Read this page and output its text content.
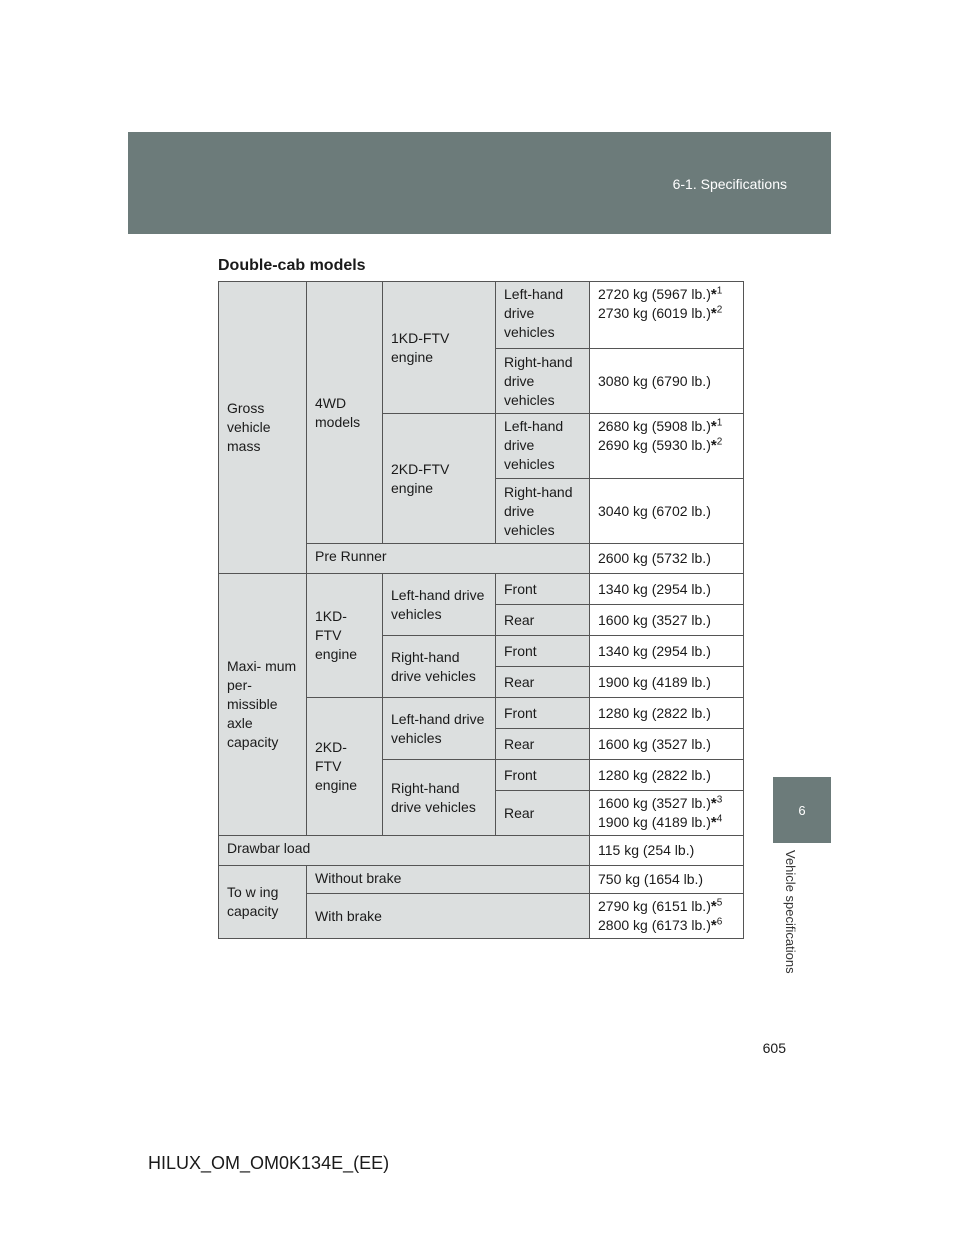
6-1. Specifications
6
Vehicle specifications
Double-cab models
Gross vehicle mass	4WD models	1KD-FTV engine	Left-hand drive vehicles	2720 kg (5967 lb.)*$^1$
2730 kg (6019 lb.)*$^2$

			Right-hand drive vehicles	3080 kg (6790 lb.)
		2KD-FTV engine	Left-hand drive vehicles	2680 kg (5908 lb.)*$^1$
2690 kg (5930 lb.)*$^2$

			Right-hand drive vehicles	3040 kg (6702 lb.)
	Pre Runner			2600 kg (5732 lb.)
Maxi- mum per- missible axle capacity	1KD- FTV engine	Left-hand drive vehicles	Front	1340 kg (2954 lb.)
			Rear	1600 kg (3527 lb.)
		Right-hand drive vehicles	Front	1340 kg (2954 lb.)
			Rear	1900 kg (4189 lb.)
	2KD- FTV engine	Left-hand drive vehicles	Front	1280 kg (2822 lb.)
			Rear	1600 kg (3527 lb.)
		Right-hand drive vehicles	Front	1280 kg (2822 lb.)
			Rear	1600 kg (3527 lb.)*$^3$
1900 kg (4189 lb.)*$^4$

Drawbar load				115 kg (254 lb.)
To w ing capacity	Without brake			750 kg (1654 lb.)
	With brake			2790 kg (6151 lb.)*$^5$
2800 kg (6173 lb.)*$^6$
605
HILUX_OM_OM0K134E_(EE)
